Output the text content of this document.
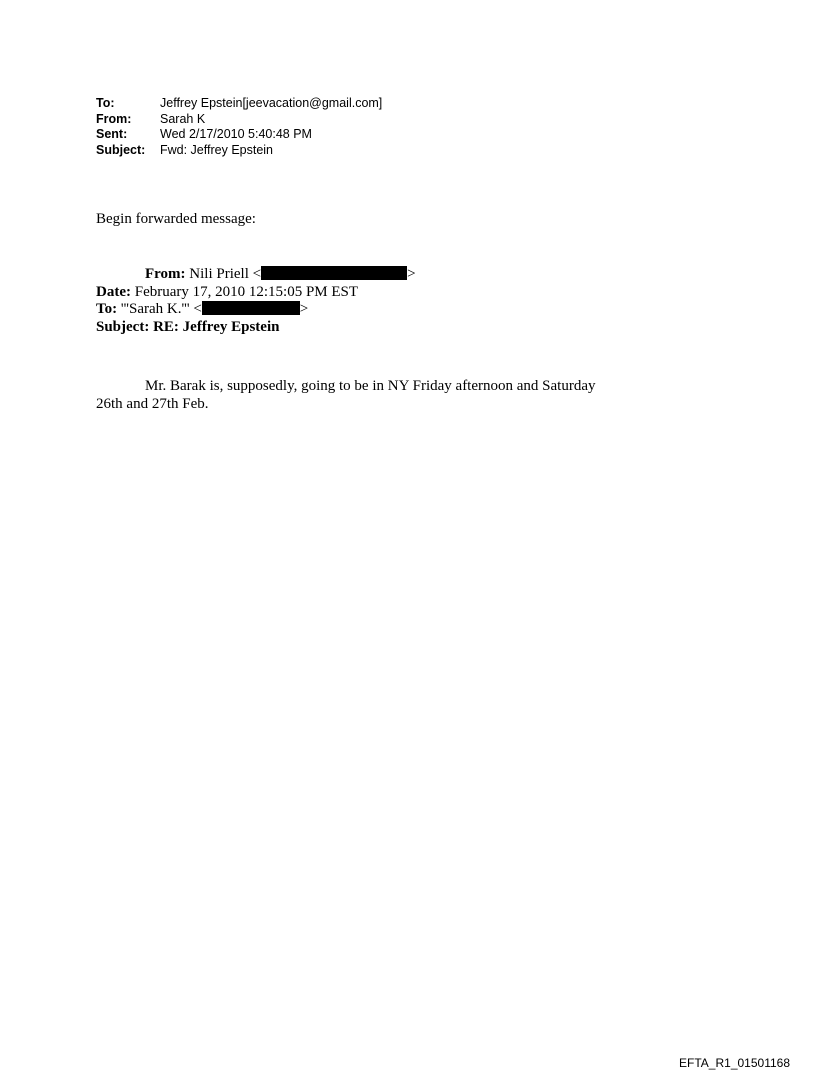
To:	Jeffrey Epstein[jeevacation@gmail.com]
From:	Sarah K
Sent:	Wed 2/17/2010 5:40:48 PM
Subject:	Fwd: Jeffrey Epstein
Begin forwarded message:
From: Nili Priell <	>
Date: February 17, 2010 12:15:05 PM EST
To: '''Sarah K.''' <	>
Subject: RE: Jeffrey Epstein
Mr. Barak is, supposedly, going to be in NY Friday afternoon and Saturday
26th and 27th Feb.
EFTA_R1_01501168
